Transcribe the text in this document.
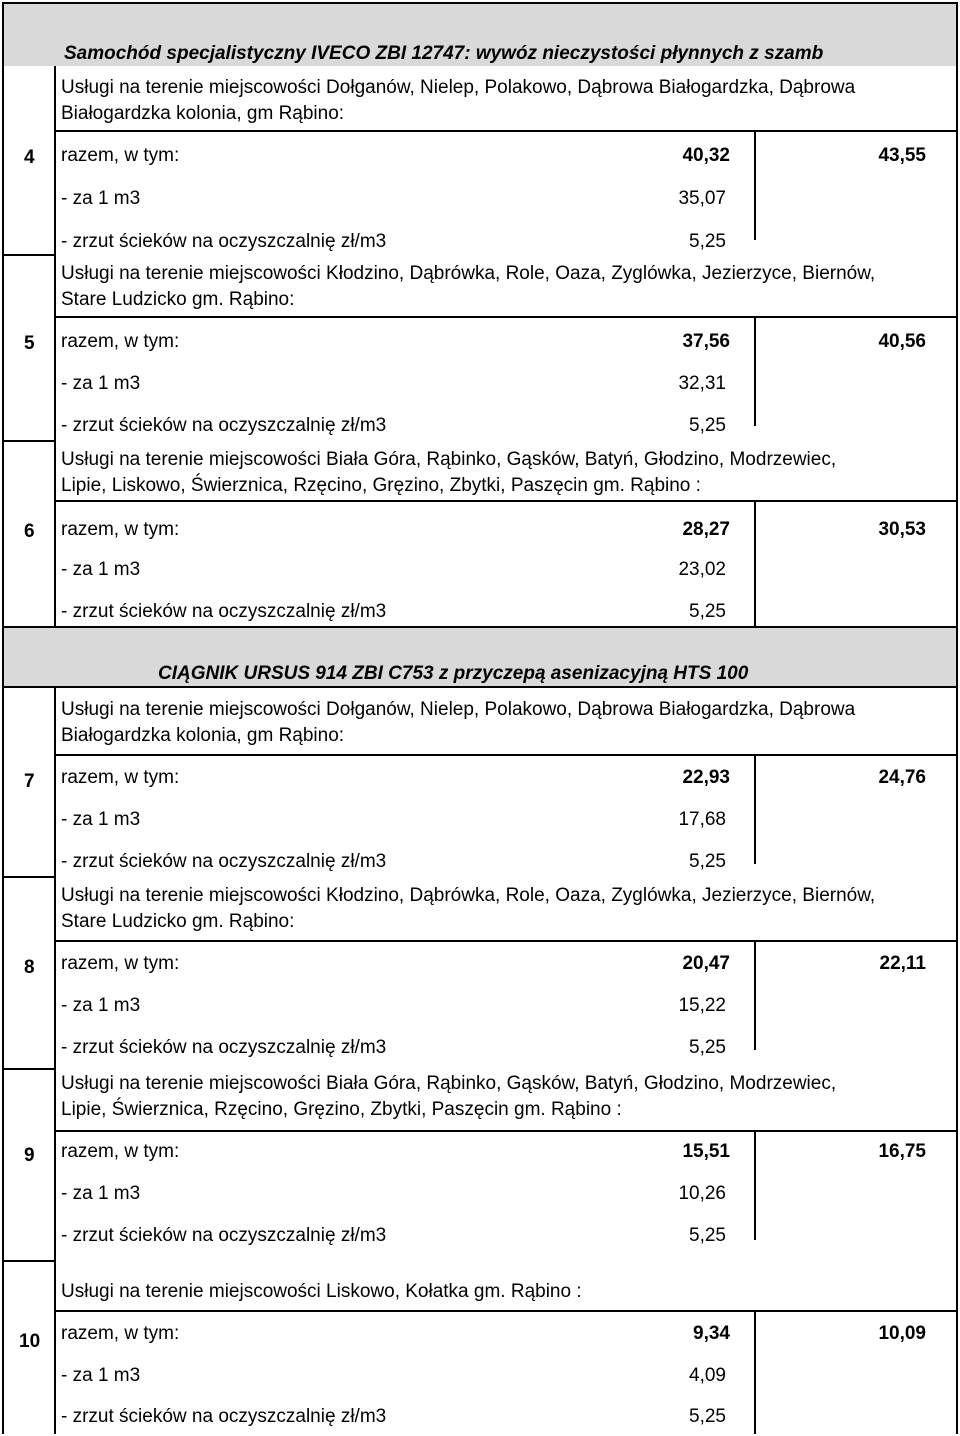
Samochód specjalistyczny IVECO ZBI 12747: wywóz nieczystości płynnych z szamb
Usługi na terenie miejscowości Dołganów, Nielep, Polakowo, Dąbrowa Białogardzka, Dąbrowa
Białogardzka kolonia, gm Rąbino:
4 razem, w tym:	40,32	43,55
- za 1 m3	35,07
- zrzut ścieków na oczyszczalnię zł/m3	5,25
Usługi na terenie miejscowości Kłodzino, Dąbrówka, Role, Oaza, Zyglówka, Jezierzyce, Biernów,
Stare Ludzicko gm. Rąbino:
5 razem, w tym:	37,56	40,56
- za 1 m3	32,31
- zrzut ścieków na oczyszczalnię zł/m3	5,25
Usługi na terenie miejscowości Biała Góra, Rąbinko, Gąsków, Batyń, Głodzino, Modrzewiec,
Lipie, Liskowo, Świerznica, Rzęcino, Gręzino, Zbytki, Paszęcin gm. Rąbino :
6 razem, w tym:	28,27	30,53
- za 1 m3	23,02
- zrzut ścieków na oczyszczalnię zł/m3	5,25
CIĄGNIK URSUS 914 ZBI C753 z przyczepą asenizacyjną HTS 100
Usługi na terenie miejscowości Dołganów, Nielep, Polakowo, Dąbrowa Białogardzka, Dąbrowa
Białogardzka kolonia, gm Rąbino:
7 razem, w tym:	22,93	24,76
- za 1 m3	17,68
- zrzut ścieków na oczyszczalnię zł/m3	5,25
Usługi na terenie miejscowości Kłodzino, Dąbrówka, Role, Oaza, Zyglówka, Jezierzyce, Biernów,
Stare Ludzicko gm. Rąbino:
8 razem, w tym:	20,47	22,11
- za 1 m3	15,22
- zrzut ścieków na oczyszczalnię zł/m3	5,25
Usługi na terenie miejscowości Biała Góra, Rąbinko, Gąsków, Batyń, Głodzino, Modrzewiec,
Lipie, Świerznica, Rzęcino, Gręzino, Zbytki, Paszęcin gm. Rąbino :
9 razem, w tym:	15,51	16,75
- za 1 m3	10,26
- zrzut ścieków na oczyszczalnię zł/m3	5,25
Usługi na terenie miejscowości Liskowo, Kołatka gm. Rąbino :
10 razem, w tym:	9,34	10,09
- za 1 m3	4,09
- zrzut ścieków na oczyszczalnię zł/m3	5,25
